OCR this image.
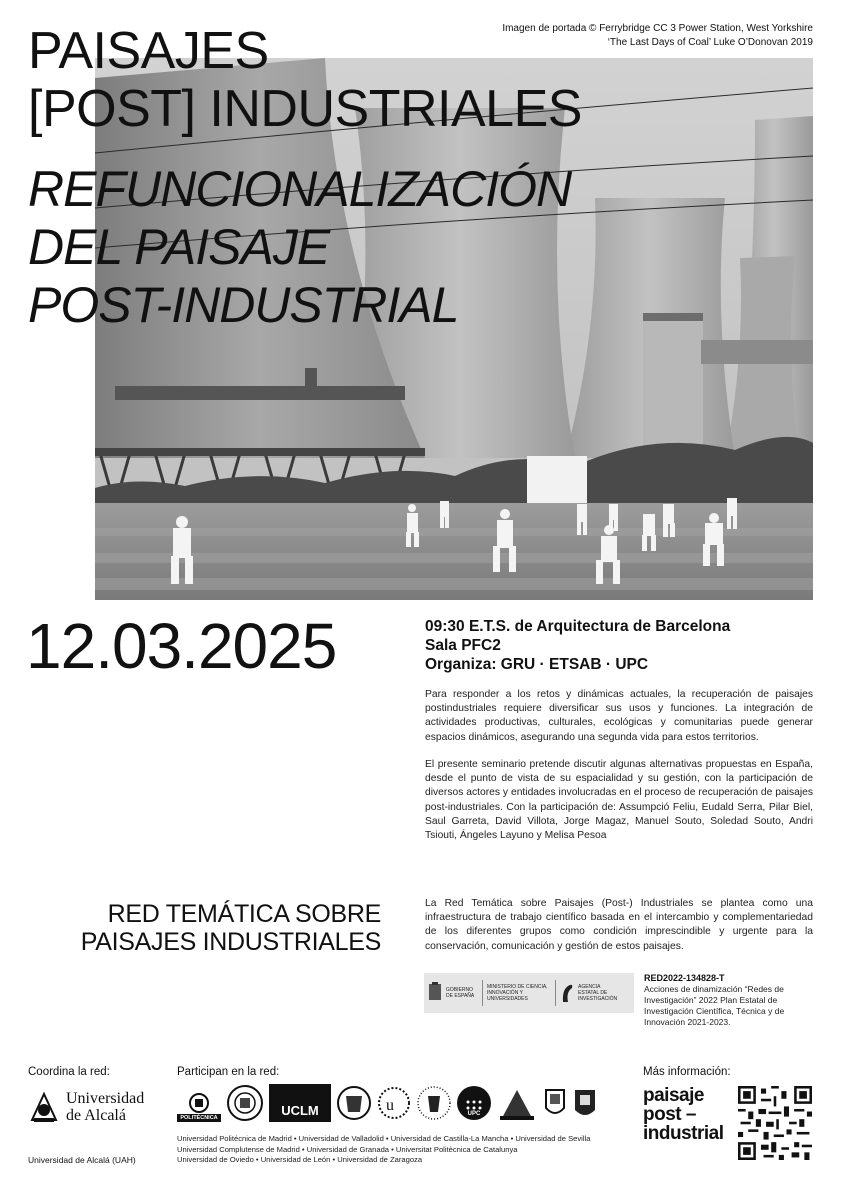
Imagen de portada © Ferrybridge CC 3 Power Station, West Yorkshire
‘The Last Days of Coal’ Luke O’Donovan 2019
PAISAJES
[POST] INDUSTRIALES
REFUNCIONALIZACIÓN
DEL PAISAJE
POST-INDUSTRIAL
12.03.2025	09:30 E.T.S. de Arquitectura de Barcelona
Sala PFC2
Organiza: GRU · ETSAB · UPC
Para responder a los retos y dinámicas actuales, la recuperación de paisajes postindustriales requiere diversificar sus usos y funciones. La integración de actividades productivas, culturales, ecológicas y comunitarias puede generar espacios dinámicos, asegurando una segunda vida para estos territorios.
El presente seminario pretende discutir algunas alternativas propuestas en España, desde el punto de vista de su espacialidad y su gestión, con la participación de diversos actores y entidades involucradas en el proceso de recuperación de paisajes post-industriales. Con la participación de: Assumpció Feliu, Eudald Serra, Pilar Biel, Saul Garreta, David Villota, Jorge Magaz, Manuel Souto, Soledad Souto, Andri Tsiouti, Ángeles Layuno y Melisa Pesoa
RED TEMÁTICA SOBRE
PAISAJES INDUSTRIALES
La Red Temática sobre Paisajes (Post-) Industriales se plantea como una infraestructura de trabajo científico basada en el intercambio y complementariedad de los diferentes grupos como condición imprescindible y urgente para la conservación, comunicación y gestión de estos paisajes.
GOBIERNO DE ESPAÑA
MINISTERIO DE CIENCIA, INNOVACIÓN Y UNIVERSIDADES
AGENCIA ESTATAL DE INVESTIGACIÓN
RED2022-134828-T
Acciones de dinamización “Redes de Investigación” 2022 Plan Estatal de Investigación Científica, Técnica y de Innovación 2021-2023.
Coordina la red:
Universidad
de Alcalá
Universidad de Alcalá (UAH)
Participan en la red:
POLITÉCNICA	UCLM	u	UPC
Universidad Politécnica de Madrid • Universidad de Valladolid • Universidad de Castilla-La Mancha • Universidad de Sevilla
Universidad Complutense de Madrid • Universidad de Granada • Universitat Politècnica de Catalunya
Universidad de Oviedo • Universidad de León • Universidad de Zaragoza
Más información:
paisaje
post –
industrial
